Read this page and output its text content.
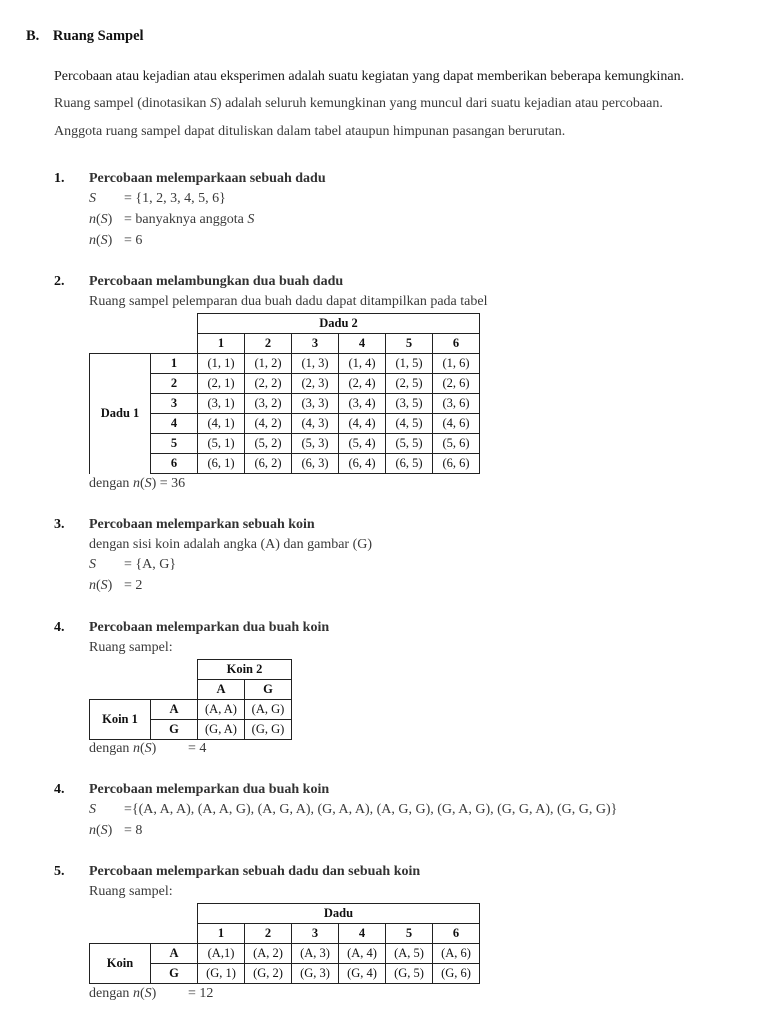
B. Ruang Sampel
Percobaan atau kejadian atau eksperimen adalah suatu kegiatan yang dapat memberikan beberapa kemungkinan.
Ruang sampel (dinotasikan S) adalah seluruh kemungkinan yang muncul dari suatu kejadian atau percobaan.
Anggota ruang sampel dapat dituliskan dalam tabel ataupun himpunan pasangan berurutan.
1. Percobaan melemparkaan sebuah dadu
S = {1, 2, 3, 4, 5, 6}
n(S) = banyaknya anggota S
n(S) = 6
2. Percobaan melambungkan dua buah dadu
Ruang sampel pelemparan dua buah dadu dapat ditampilkan pada tabel
		Dadu 2					
		1	2	3	4	5	6
Dadu 1	1	(1, 1)	(1, 2)	(1, 3)	(1, 4)	(1, 5)	(1, 6)
	2	(2, 1)	(2, 2)	(2, 3)	(2, 4)	(2, 5)	(2, 6)
	3	(3, 1)	(3, 2)	(3, 3)	(3, 4)	(3, 5)	(3, 6)
	4	(4, 1)	(4, 2)	(4, 3)	(4, 4)	(4, 5)	(4, 6)
	5	(5, 1)	(5, 2)	(5, 3)	(5, 4)	(5, 5)	(5, 6)
	6	(6, 1)	(6, 2)	(6, 3)	(6, 4)	(6, 5)	(6, 6)
dengan n(S) = 36
3. Percobaan melemparkan sebuah koin
dengan sisi koin adalah angka (A) dan gambar (G)
S = {A, G}
n(S) = 2
4. Percobaan melemparkan dua buah koin
Ruang sampel:
		Koin 2	
		A	G
Koin 1	A	(A, A)	(A, G)
	G	(G, A)	(G, G)
dengan n(S) = 4
4. Percobaan melemparkan dua buah koin
S ={(A, A, A), (A, A, G), (A, G, A), (G, A, A), (A, G, G), (G, A, G), (G, G, A), (G, G, G)}
n(S) = 8
5. Percobaan melemparkan sebuah dadu dan sebuah koin
Ruang sampel:
		Dadu					
		1	2	3	4	5	6
Koin	A	(A,1)	(A, 2)	(A, 3)	(A, 4)	(A, 5)	(A, 6)
	G	(G, 1)	(G, 2)	(G, 3)	(G, 4)	(G, 5)	(G, 6)
dengan n(S) = 12
